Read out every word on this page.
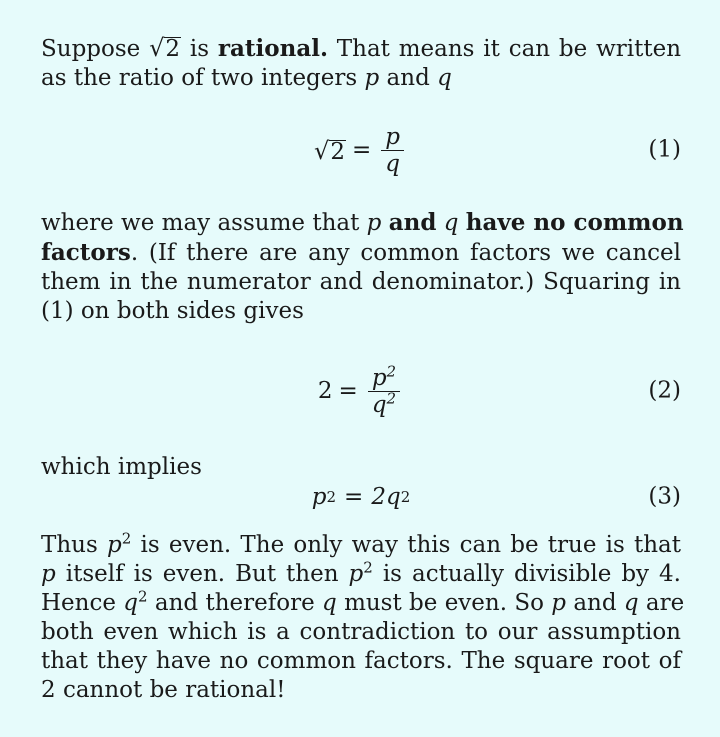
Suppose √ 2 is rational. That means it can be written
as the ratio of two integers p and q
√ $2 = \frac{p}{q}$	(1)
where we may assume that p and q have no common
factors. (If there are any common factors we cancel
them in the numerator and denominator.) Squaring in
(1) on both sides gives
$2 = \frac{p^2}{q^2}$	(2)
which implies
p 2 = 2q 2	(3)
Thus $p^2$ is even. The only way this can be true is that
p itself is even. But then $p^2$ is actually divisible by 4.
Hence $q^2$ and therefore q must be even. So p and q are
both even which is a contradiction to our assumption
that they have no common factors. The square root of
2 cannot be rational!
